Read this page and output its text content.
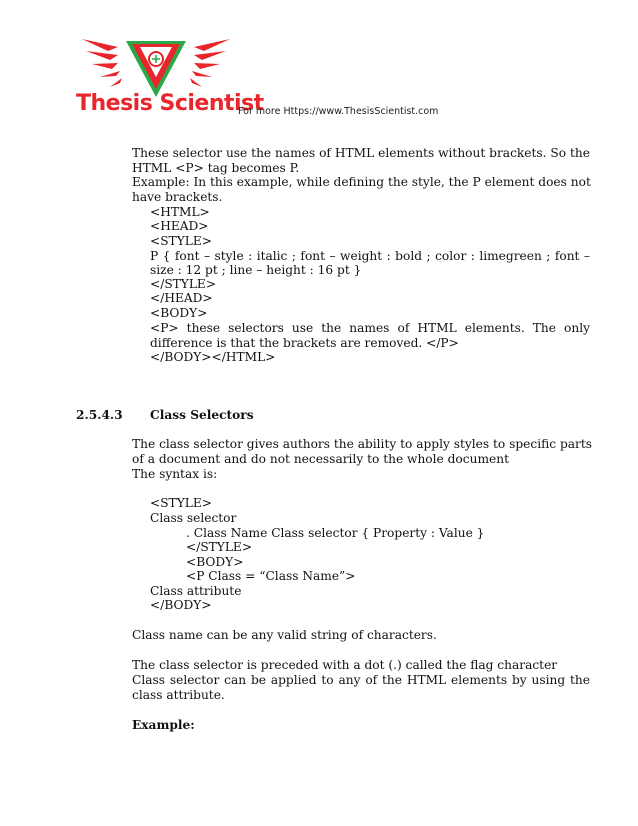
Thesis Scientist
For more Https://www.ThesisScientist.com
These selector use the names of HTML elements without brackets. So the
HTML <P> tag becomes P.
Example: In this example, while defining the style, the P element does not
have brackets.
<HTML>
<HEAD>
<STYLE>
P { font – style : italic ; font – weight : bold ; color : limegreen ; font –
size : 12 pt ; line – height : 16 pt }
</STYLE>
</HEAD>
<BODY>
<P> these selectors use the names of HTML elements. The only
difference is that the brackets are removed. </P>
</BODY></HTML>
2.5.4.3 Class Selectors
The class selector gives authors the ability to apply styles to specific parts
of a document and do not necessarily to the whole document
The syntax is:
<STYLE>
Class selector
. Class Name Class selector { Property : Value }
</STYLE>
<BODY>
<P Class = “Class Name”>
Class attribute
</BODY>
Class name can be any valid string of characters.
The class selector is preceded with a dot (.) called the flag character
Class selector can be applied to any of the HTML elements by using the
class attribute.
Example:
